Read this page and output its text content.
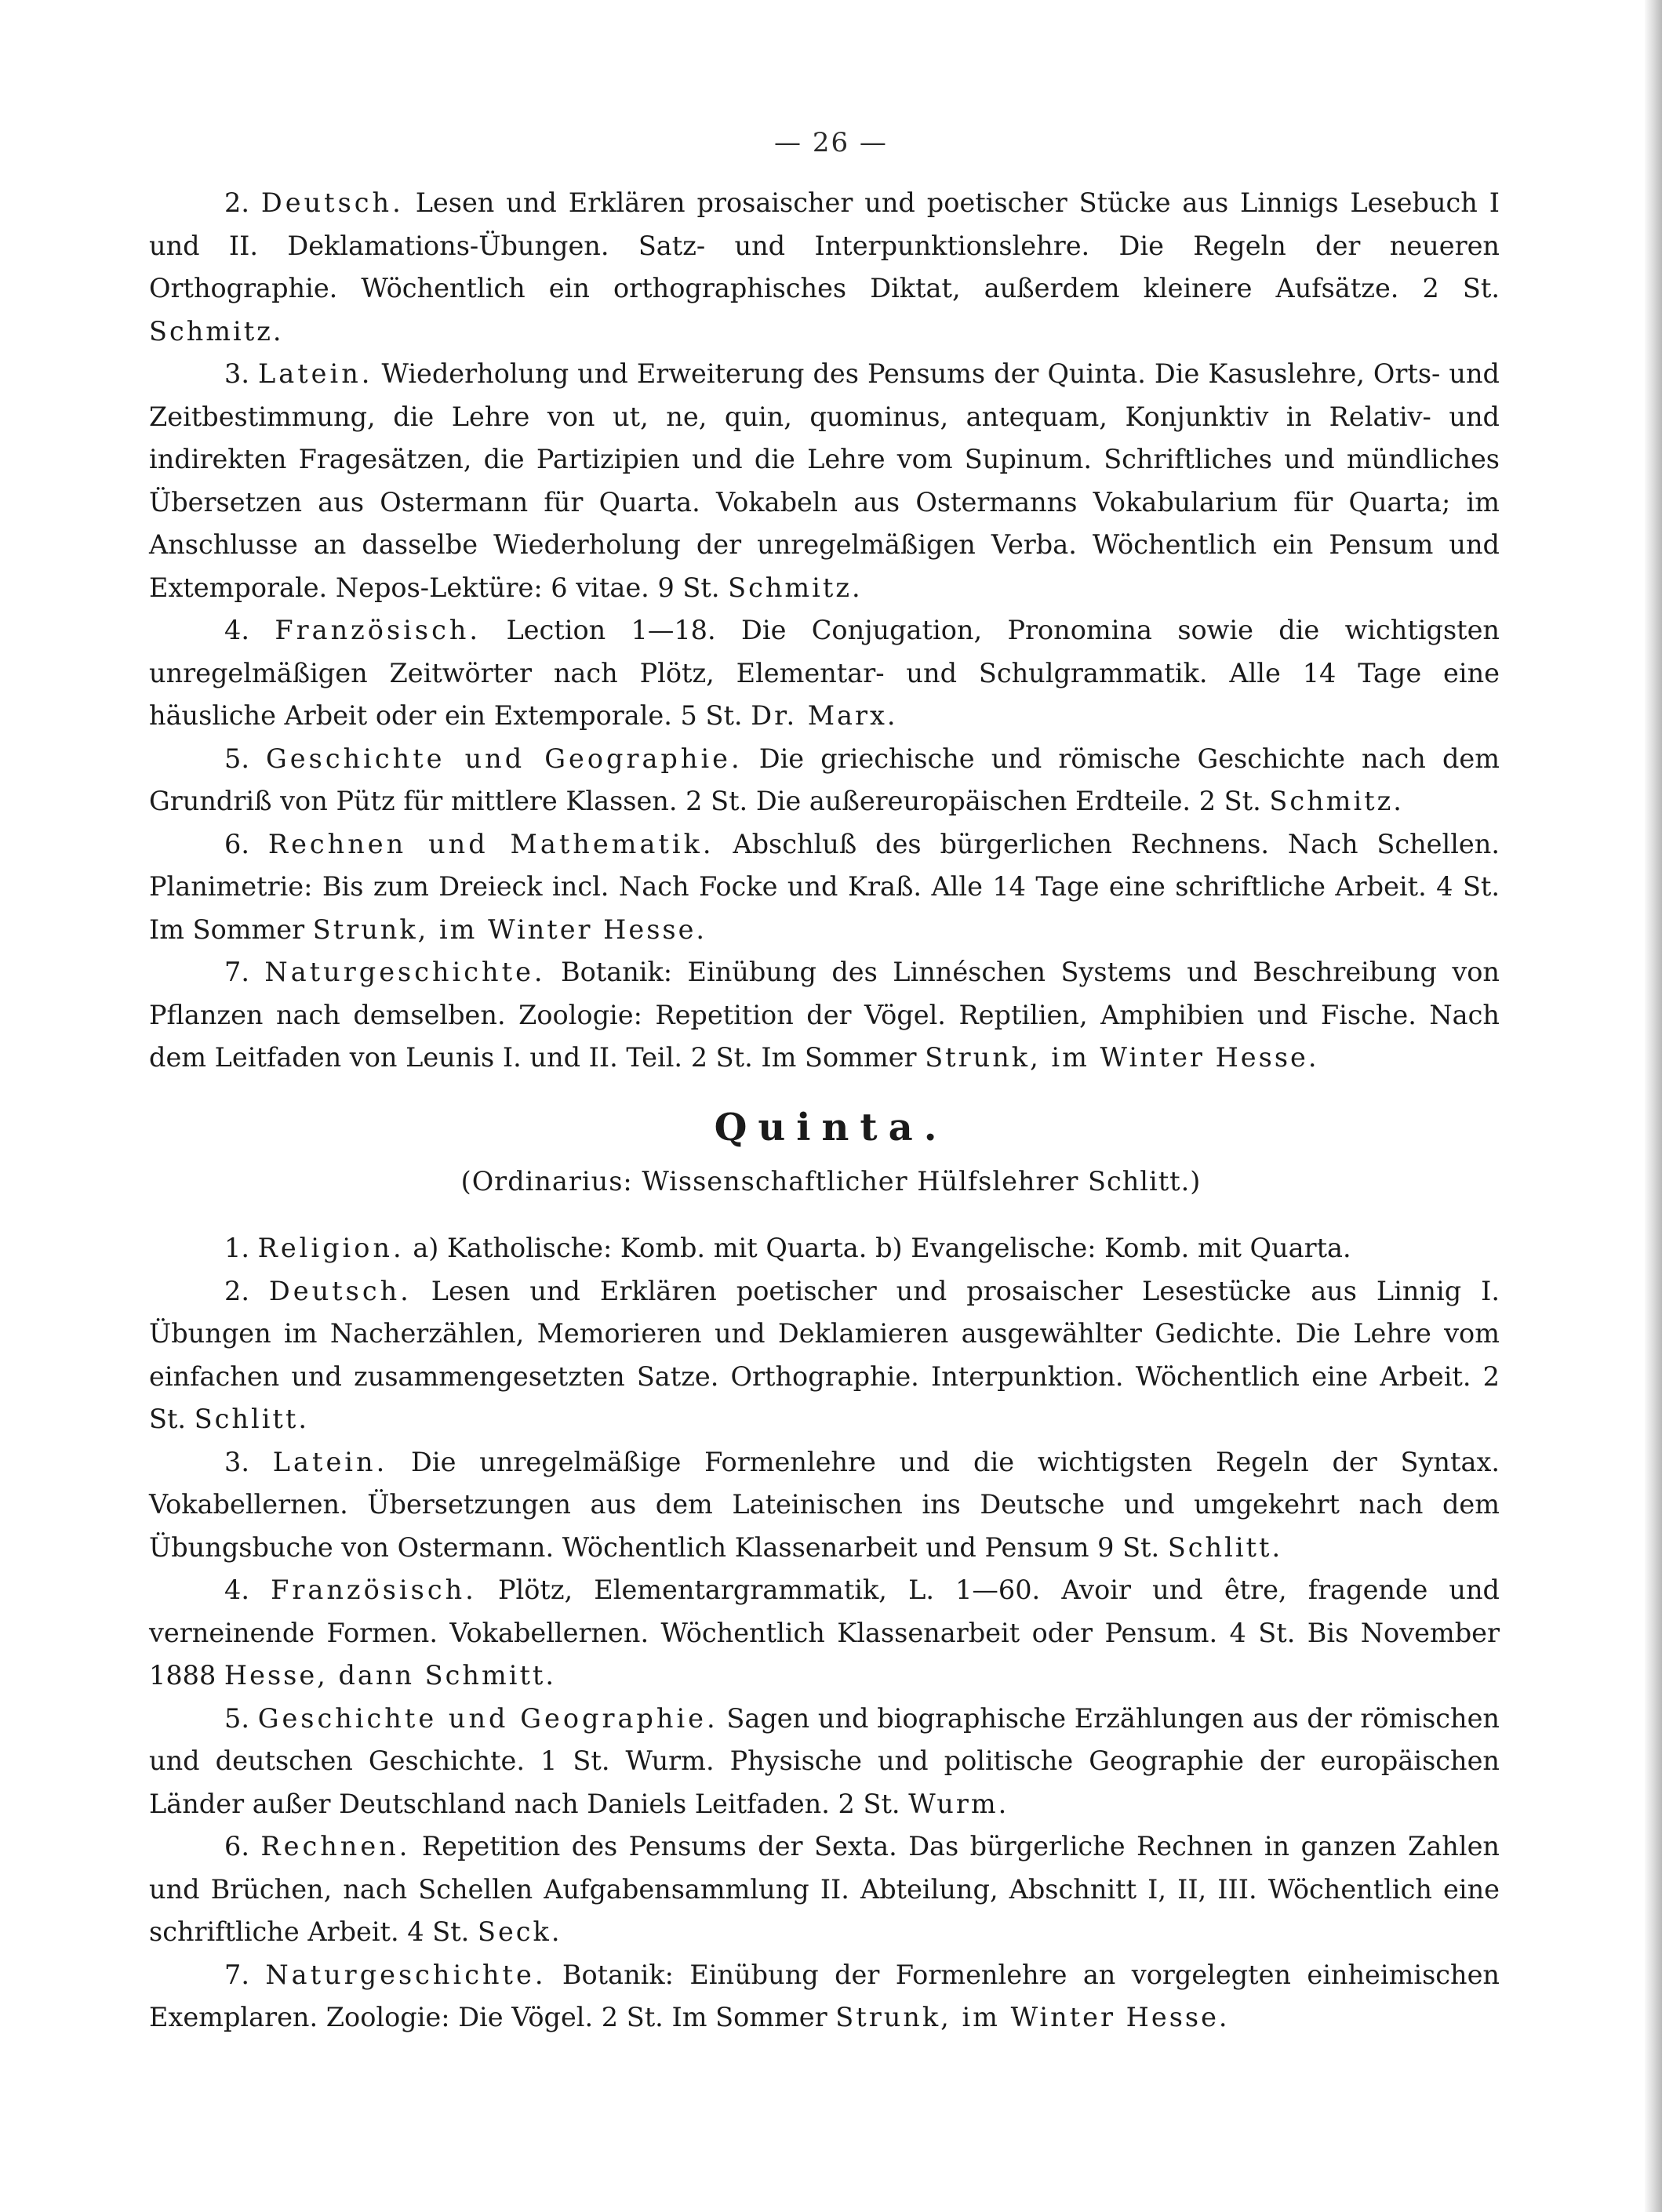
— 26 —

2. Deutsch. Lesen und Erklären prosaischer und poetischer Stücke aus Linnigs Lesebuch I und II. Deklamations-Übungen. Satz- und Interpunktionslehre. Die Regeln der neueren Orthographie. Wöchentlich ein orthographisches Diktat, außerdem kleinere Aufsätze. 2 St. Schmitz.

3. Latein. Wiederholung und Erweiterung des Pensums der Quinta. Die Kasuslehre, Orts- und Zeitbestimmung, die Lehre von ut, ne, quin, quominus, antequam, Konjunktiv in Relativ- und indirekten Fragesätzen, die Partizipien und die Lehre vom Supinum. Schriftliches und mündliches Übersetzen aus Ostermann für Quarta. Vokabeln aus Ostermanns Vokabularium für Quarta; im Anschlusse an dasselbe Wiederholung der unregelmäßigen Verba. Wöchentlich ein Pensum und Extemporale. Nepos-Lektüre: 6 vitae. 9 St. Schmitz.

4. Französisch. Lection 1—18. Die Conjugation, Pronomina sowie die wichtigsten unregelmäßigen Zeitwörter nach Plötz, Elementar- und Schulgrammatik. Alle 14 Tage eine häusliche Arbeit oder ein Extemporale. 5 St. Dr. Marx.

5. Geschichte und Geographie. Die griechische und römische Geschichte nach dem Grundriß von Pütz für mittlere Klassen. 2 St. Die außereuropäischen Erdteile. 2 St. Schmitz.

6. Rechnen und Mathematik. Abschluß des bürgerlichen Rechnens. Nach Schellen. Planimetrie: Bis zum Dreieck incl. Nach Focke und Kraß. Alle 14 Tage eine schriftliche Arbeit. 4 St. Im Sommer Strunk, im Winter Hesse.

7. Naturgeschichte. Botanik: Einübung des Linnéschen Systems und Beschreibung von Pflanzen nach demselben. Zoologie: Repetition der Vögel. Reptilien, Amphibien und Fische. Nach dem Leitfaden von Leunis I. und II. Teil. 2 St. Im Sommer Strunk, im Winter Hesse.

Quinta.
(Ordinarius: Wissenschaftlicher Hülfslehrer Schlitt.)

1. Religion. a) Katholische: Komb. mit Quarta. b) Evangelische: Komb. mit Quarta.

2. Deutsch. Lesen und Erklären poetischer und prosaischer Lesestücke aus Linnig I. Übungen im Nacherzählen, Memorieren und Deklamieren ausgewählter Gedichte. Die Lehre vom einfachen und zusammengesetzten Satze. Orthographie. Interpunktion. Wöchentlich eine Arbeit. 2 St. Schlitt.

3. Latein. Die unregelmäßige Formenlehre und die wichtigsten Regeln der Syntax. Vokabellernen. Übersetzungen aus dem Lateinischen ins Deutsche und umgekehrt nach dem Übungsbuche von Ostermann. Wöchentlich Klassenarbeit und Pensum 9 St. Schlitt.

4. Französisch. Plötz, Elementargrammatik, L. 1—60. Avoir und être, fragende und verneinende Formen. Vokabellernen. Wöchentlich Klassenarbeit oder Pensum. 4 St. Bis November 1888 Hesse, dann Schmitt.

5. Geschichte und Geographie. Sagen und biographische Erzählungen aus der römischen und deutschen Geschichte. 1 St. Wurm. Physische und politische Geographie der europäischen Länder außer Deutschland nach Daniels Leitfaden. 2 St. Wurm.

6. Rechnen. Repetition des Pensums der Sexta. Das bürgerliche Rechnen in ganzen Zahlen und Brüchen, nach Schellen Aufgabensammlung II. Abteilung, Abschnitt I, II, III. Wöchentlich eine schriftliche Arbeit. 4 St. Seck.

7. Naturgeschichte. Botanik: Einübung der Formenlehre an vorgelegten einheimischen Exemplaren. Zoologie: Die Vögel. 2 St. Im Sommer Strunk, im Winter Hesse.
